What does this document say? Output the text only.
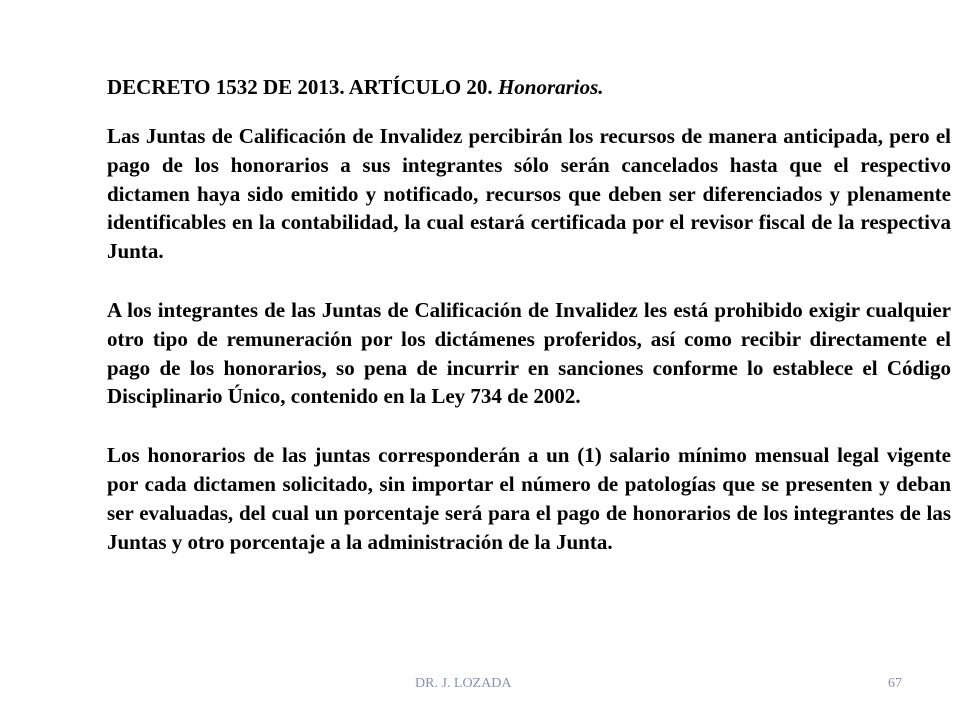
DECRETO 1532 DE 2013. ARTÍCULO 20. Honorarios.

Las Juntas de Calificación de Invalidez percibirán los recursos de manera anticipada, pero el pago de los honorarios a sus integrantes sólo serán cancelados hasta que el respectivo dictamen haya sido emitido y notificado, recursos que deben ser diferenciados y plenamente identificables en la contabilidad, la cual estará certificada por el revisor fiscal de la respectiva Junta.

A los integrantes de las Juntas de Calificación de Invalidez les está prohibido exigir cualquier otro tipo de remuneración por los dictámenes proferidos, así como recibir directamente el pago de los honorarios, so pena de incurrir en sanciones conforme lo establece el Código Disciplinario Único, contenido en la Ley 734 de 2002.

Los honorarios de las juntas corresponderán a un (1) salario mínimo mensual legal vigente por cada dictamen solicitado, sin importar el número de patologías que se presenten y deban ser evaluadas, del cual un porcentaje será para el pago de honorarios de los integrantes de las Juntas y otro porcentaje a la administración de la Junta.

DR. J. LOZADA	67
